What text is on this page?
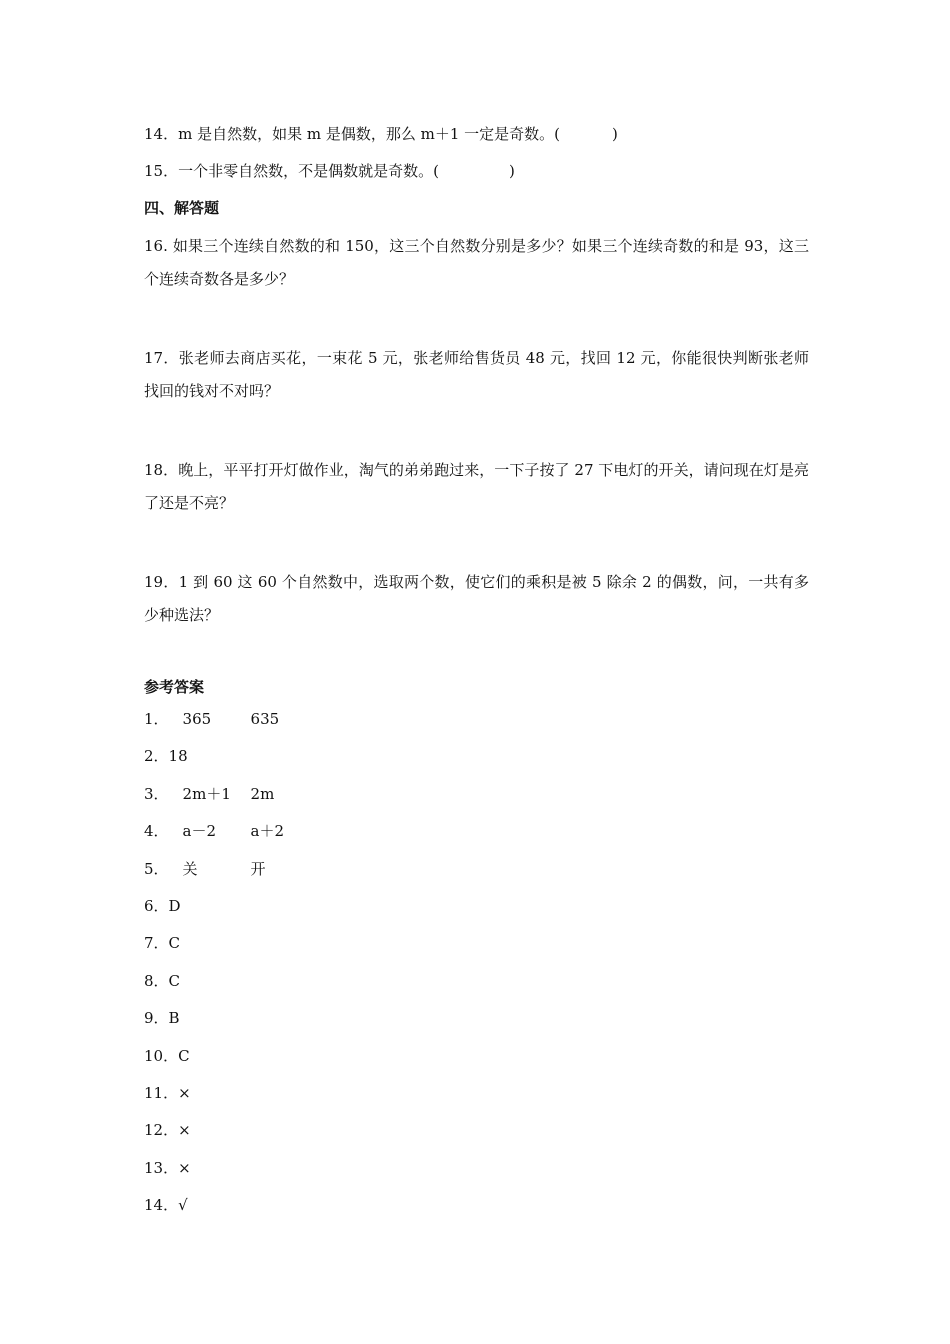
14．m 是自然数，如果 m 是偶数，那么 m＋1 一定是奇数。(	)
15．一个非零自然数，不是偶数就是奇数。(	)
四、解答题
16. 如果三个连续自然数的和 150，这三个自然数分别是多少？如果三个连续奇数的和是 93，这三个连续奇数各是多少？
17．张老师去商店买花，一束花 5 元，张老师给售货员 48 元，找回 12 元，你能很快判断张老师找回的钱对不对吗？
18．晚上，平平打开灯做作业，淘气的弟弟跑过来，一下子按了 27 下电灯的开关，请问现在灯是亮了还是不亮？
19．1 到 60 这 60 个自然数中，选取两个数，使它们的乘积是被 5 除余 2 的偶数，问，一共有多少种选法？
参考答案
1． 365	635
2．18
3． 2m＋1 2m
4． a－2 a＋2
5． 关	开
6．D
7．C
8．C
9．B
10．C
11．×
12．×
13．×
14．√
